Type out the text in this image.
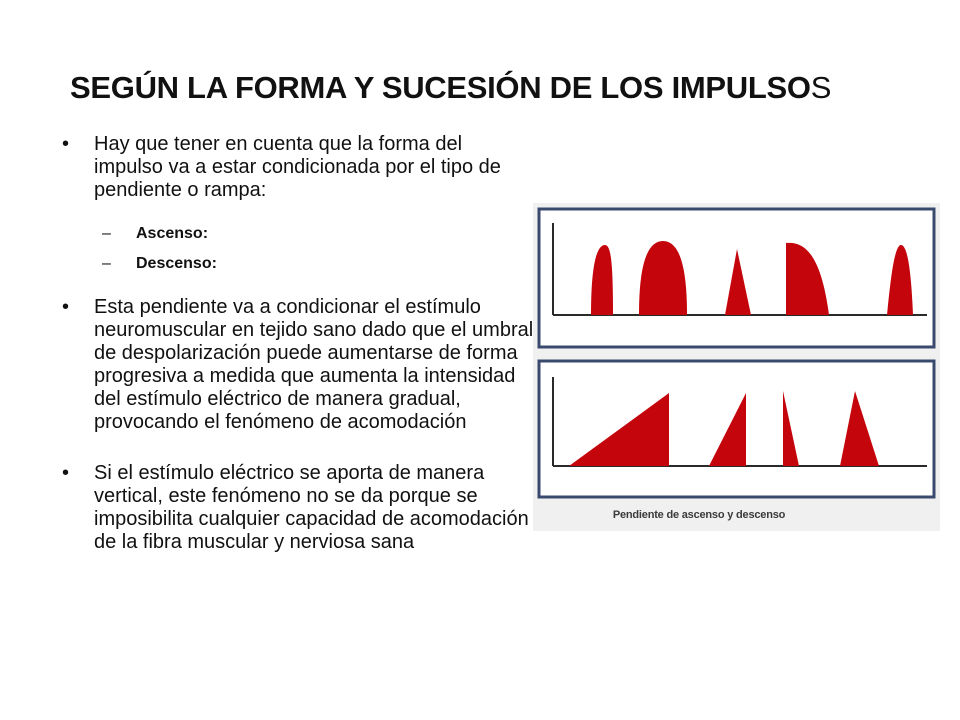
SEGÚN LA FORMA Y SUCESIÓN DE LOS IMPULSOS
• Hay que tener en cuenta que la forma del impulso va a estar condicionada por el tipo de pendiente o rampa:
– Ascenso:
– Descenso:
• Esta pendiente va a condicionar el estímulo neuromuscular en tejido sano dado que el umbral de despolarización puede aumentarse de forma progresiva a medida que aumenta la intensidad del estímulo eléctrico de manera gradual, provocando el fenómeno de acomodación
• Si el estímulo eléctrico se aporta de manera vertical, este fenómeno no se da porque se imposibilita cualquier capacidad de acomodación de la fibra muscular y nerviosa sana
Pendiente de ascenso y descenso
